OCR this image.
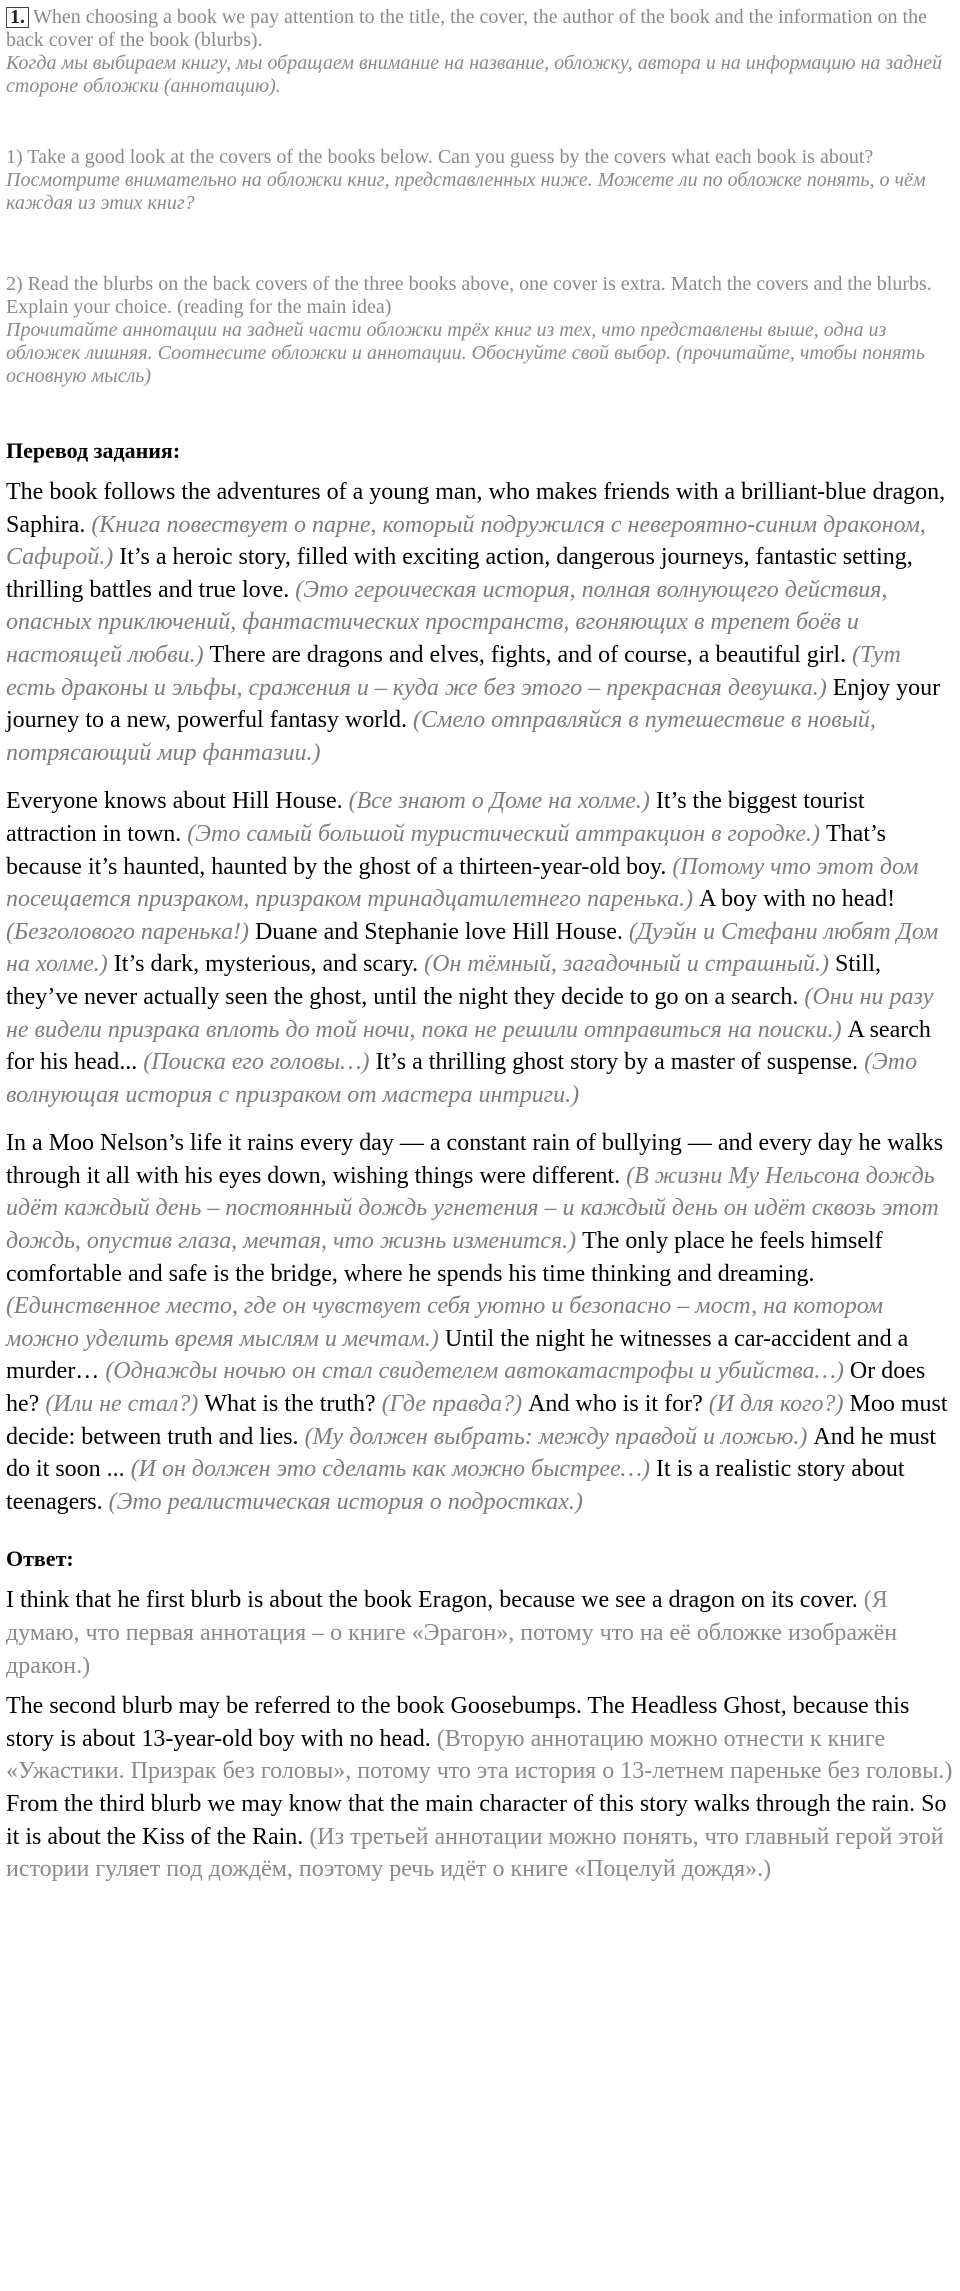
1. When choosing a book we pay attention to the title, the cover, the author of the book and the information on the back cover of the book (blurbs).
Когда мы выбираем книгу, мы обращаем внимание на название, обложку, автора и на информацию на задней стороне обложки (аннотацию).

1) Take a good look at the covers of the books below. Can you guess by the covers what each book is about?
Посмотрите внимательно на обложки книг, представленных ниже. Можете ли по обложке понять, о чём каждая из этих книг?

2) Read the blurbs on the back covers of the three books above, one cover is extra. Match the covers and the blurbs. Explain your choice. (reading for the main idea)
Прочитайте аннотации на задней части обложки трёх книг из тех, что представлены выше, одна из обложек лишняя. Соотнесите обложки и аннотации. Обоснуйте свой выбор. (прочитайте, чтобы понять основную мысль)

Перевод задания:

The book follows the adventures of a young man, who makes friends with a brilliant-blue dragon, Saphira. (Книга повествует о парне, который подружился с невероятно-синим драконом, Сафирой.) It’s a heroic story, filled with exciting action, dangerous journeys, fantastic setting, thrilling battles and true love. (Это героическая история, полная волнующего действия, опасных приключений, фантастических пространств, вгоняющих в трепет боёв и настоящей любви.) There are dragons and elves, fights, and of course, a beautiful girl. (Тут есть драконы и эльфы, сражения и – куда же без этого – прекрасная девушка.) Enjoy your journey to a new, powerful fantasy world. (Смело отправляйся в путешествие в новый, потрясающий мир фантазии.)

Everyone knows about Hill House. (Все знают о Доме на холме.) It’s the biggest tourist attraction in town. (Это самый большой туристический аттракцион в городке.) That’s because it’s haunted, haunted by the ghost of a thirteen-year-old boy. (Потому что этот дом посещается призраком, призраком тринадцатилетнего паренька.) A boy with no head! (Безголового паренька!) Duane and Stephanie love Hill House. (Дуэйн и Стефани любят Дом на холме.) It’s dark, mysterious, and scary. (Он тёмный, загадочный и страшный.) Still, they’ve never actually seen the ghost, until the night they decide to go on a search. (Они ни разу не видели призрака вплоть до той ночи, пока не решили отправиться на поиски.) A search for his head... (Поиска его головы…) It’s a thrilling ghost story by a master of suspense. (Это волнующая история с призраком от мастера интриги.)

In a Moo Nelson’s life it rains every day — a constant rain of bullying — and every day he walks through it all with his eyes down, wishing things were different. (В жизни Му Нельсона дождь идёт каждый день – постоянный дождь угнетения – и каждый день он идёт сквозь этот дождь, опустив глаза, мечтая, что жизнь изменится.) The only place he feels himself comfortable and safe is the bridge, where he spends his time thinking and dreaming. (Единственное место, где он чувствует себя уютно и безопасно – мост, на котором можно уделить время мыслям и мечтам.) Until the night he witnesses a car-accident and a murder… (Однажды ночью он стал свидетелем автокатастрофы и убийства…) Or does he? (Или не стал?) What is the truth? (Где правда?) And who is it for? (И для кого?) Moo must decide: between truth and lies. (Му должен выбрать: между правдой и ложью.) And he must do it soon ... (И он должен это сделать как можно быстрее…) It is a realistic story about teenagers. (Это реалистическая история о подростках.)

Ответ:

I think that he first blurb is about the book Eragon, because we see a dragon on its cover. (Я думаю, что первая аннотация – о книге «Эрагон», потому что на её обложке изображён дракон.)

The second blurb may be referred to the book Goosebumps. The Headless Ghost, because this story is about 13-year-old boy with no head. (Вторую аннотацию можно отнести к книге «Ужастики. Призрак без головы», потому что эта история о 13-летнем пареньке без головы.)

From the third blurb we may know that the main character of this story walks through the rain. So it is about the Kiss of the Rain. (Из третьей аннотации можно понять, что главный герой этой истории гуляет под дождём, поэтому речь идёт о книге «Поцелуй дождя».)
